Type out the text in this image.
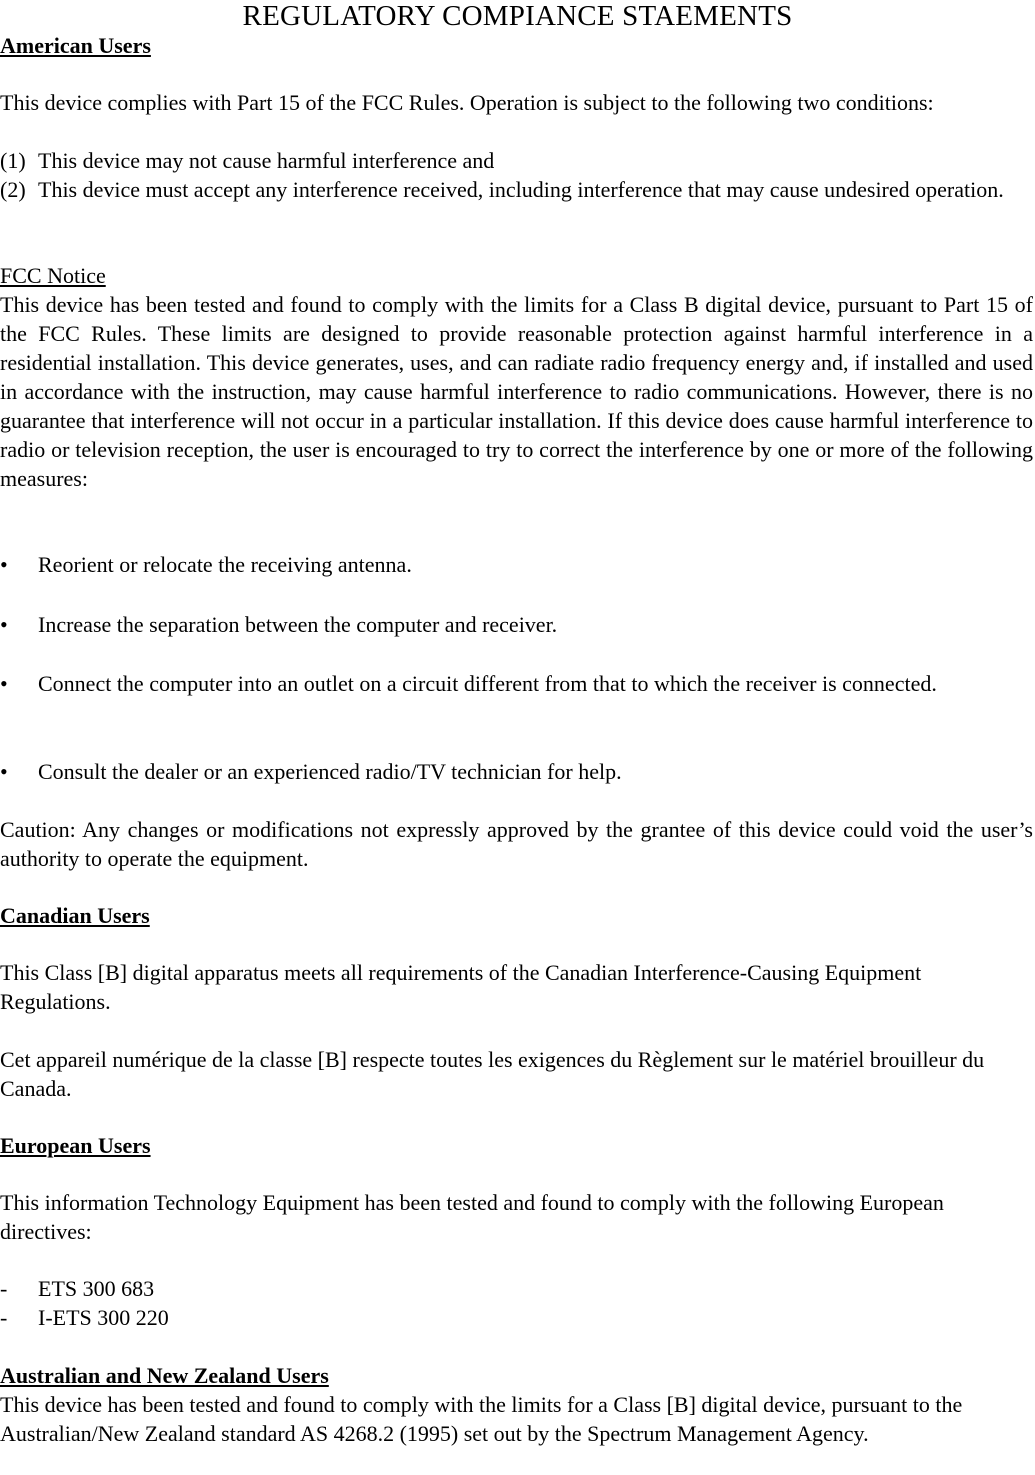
REGULATORY COMPIANCE STAEMENTS
American Users
This device complies with Part 15 of the FCC Rules. Operation is subject to the following two conditions:
(1) This device may not cause harmful interference and
(2) This device must accept any interference received, including interference that may cause undesired operation.
FCC Notice
This device has been tested and found to comply with the limits for a Class B digital device, pursuant to Part 15 of the FCC Rules. These limits are designed to provide reasonable protection against harmful interference in a residential installation. This device generates, uses, and can radiate radio frequency energy and, if installed and used in accordance with the instruction, may cause harmful interference to radio communications. However, there is no guarantee that interference will not occur in a particular installation. If this device does cause harmful interference to radio or television reception, the user is encouraged to try to correct the interference by one or more of the following measures:
•	Reorient or relocate the receiving antenna.
•	Increase the separation between the computer and receiver.
•	Connect the computer into an outlet on a circuit different from that to which the receiver is connected.
•	Consult the dealer or an experienced radio/TV technician for help.
Caution: Any changes or modifications not expressly approved by the grantee of this device could void the user’s authority to operate the equipment.
Canadian Users
This Class [B] digital apparatus meets all requirements of the Canadian Interference-Causing Equipment Regulations.
Cet appareil numérique de la classe [B] respecte toutes les exigences du Règlement sur le matériel brouilleur du Canada.
European Users
This information Technology Equipment has been tested and found to comply with the following European directives:
-	ETS 300 683
-	I-ETS 300 220
Australian and New Zealand Users
This device has been tested and found to comply with the limits for a Class [B] digital device, pursuant to the Australian/New Zealand standard AS 4268.2 (1995) set out by the Spectrum Management Agency.
